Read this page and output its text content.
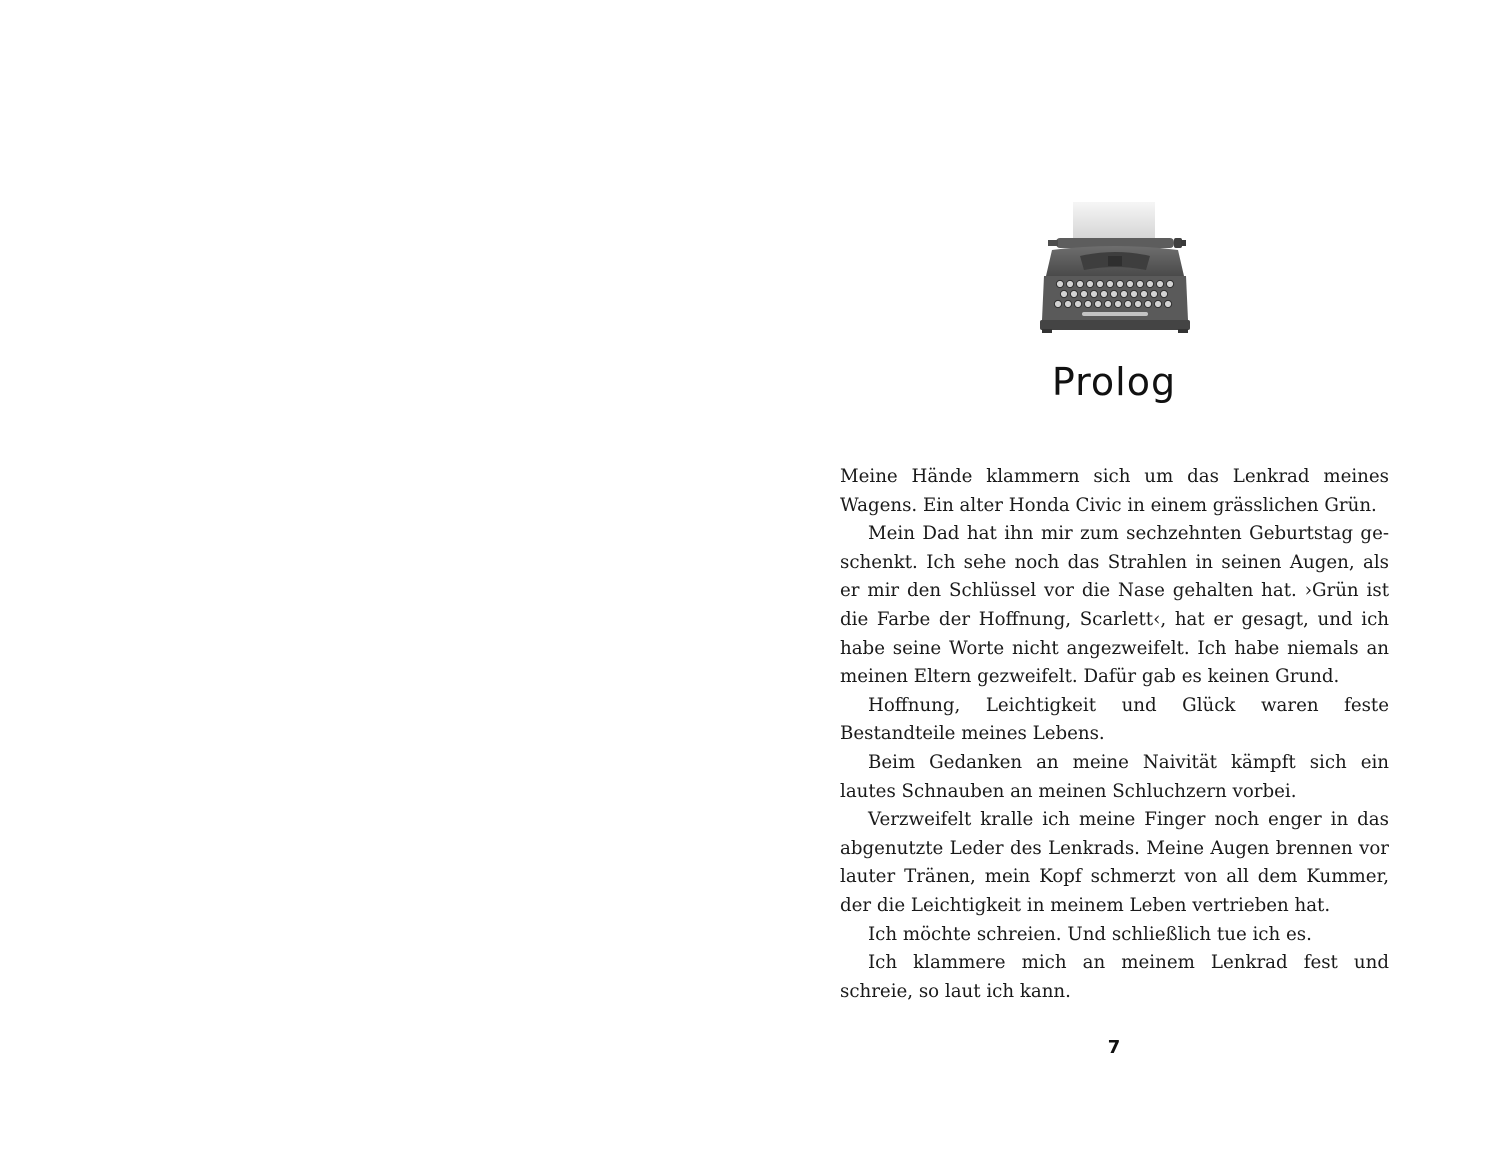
Prolog

Meine Hände klammern sich um das Lenkrad meines Wagens. Ein alter Honda Civic in einem grässlichen Grün.

Mein Dad hat ihn mir zum sechzehnten Geburtstag geschenkt. Ich sehe noch das Strahlen in seinen Augen, als er mir den Schlüssel vor die Nase gehalten hat. ›Grün ist die Farbe der Hoffnung, Scarlett‹, hat er gesagt, und ich habe seine Worte nicht angezweifelt. Ich habe niemals an meinen Eltern gezweifelt. Dafür gab es keinen Grund.

Hoffnung, Leichtigkeit und Glück waren feste Bestandteile meines Lebens.

Beim Gedanken an meine Naivität kämpft sich ein lautes Schnauben an meinen Schluchzern vorbei.

Verzweifelt kralle ich meine Finger noch enger in das abgenutzte Leder des Lenkrads. Meine Augen brennen vor lauter Tränen, mein Kopf schmerzt von all dem Kummer, der die Leichtigkeit in meinem Leben vertrieben hat.

Ich möchte schreien. Und schließlich tue ich es.

Ich klammere mich an meinem Lenkrad fest und schreie, so laut ich kann.

7
